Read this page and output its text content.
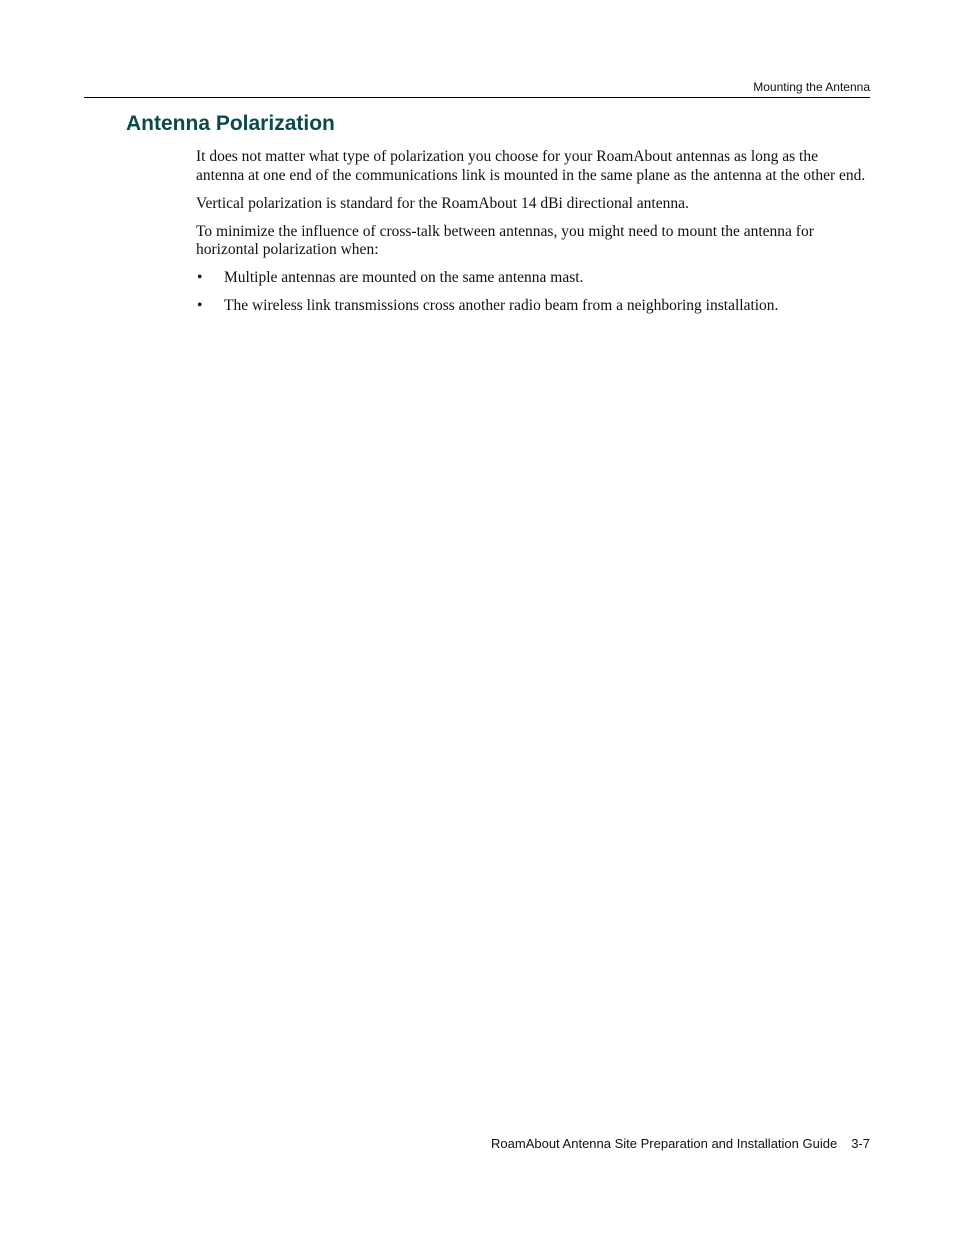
Mounting the Antenna
Antenna Polarization

It does not matter what type of polarization you choose for your RoamAbout antennas as long as the antenna at one end of the communications link is mounted in the same plane as the antenna at the other end.

Vertical polarization is standard for the RoamAbout 14 dBi directional antenna.

To minimize the influence of cross-talk between antennas, you might need to mount the antenna for horizontal polarization when:

• Multiple antennas are mounted on the same antenna mast.
• The wireless link transmissions cross another radio beam from a neighboring installation.
RoamAbout Antenna Site Preparation and Installation Guide 3-7
